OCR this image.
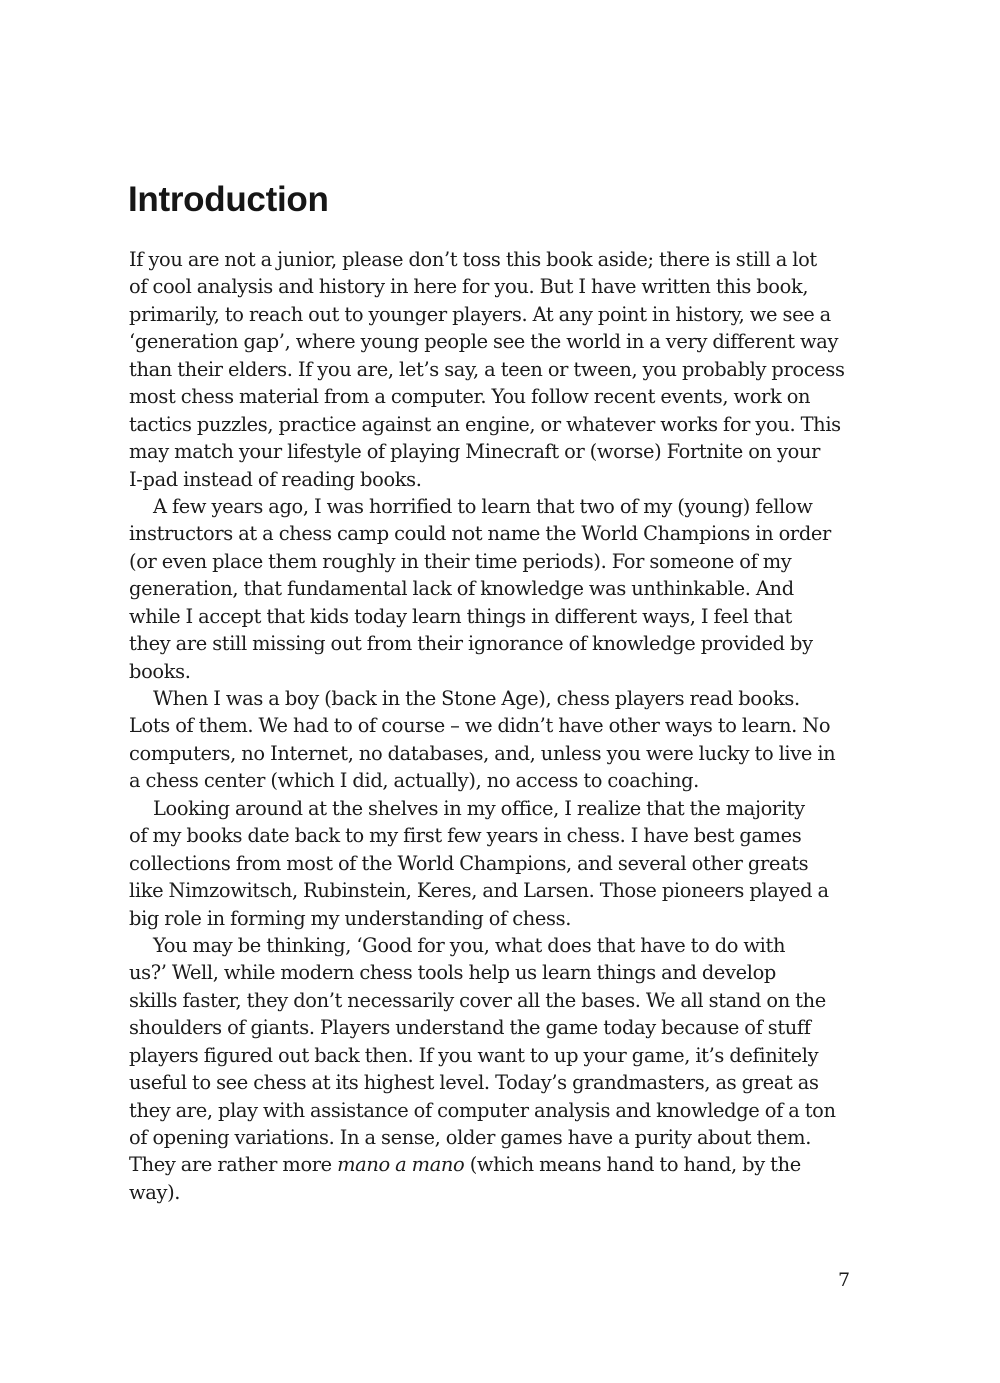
Introduction
If you are not a junior, please don’t toss this book aside; there is still a lot
of cool analysis and history in here for you. But I have written this book,
primarily, to reach out to younger players. At any point in history, we see a
‘generation gap’, where young people see the world in a very different way
than their elders. If you are, let’s say, a teen or tween, you probably process
most chess material from a computer. You follow recent events, work on
tactics puzzles, practice against an engine, or whatever works for you. This
may match your lifestyle of playing Minecraft or (worse) Fortnite on your
I-pad instead of reading books.
A few years ago, I was horrified to learn that two of my (young) fellow
instructors at a chess camp could not name the World Champions in order
(or even place them roughly in their time periods). For someone of my
generation, that fundamental lack of knowledge was unthinkable. And
while I accept that kids today learn things in different ways, I feel that
they are still missing out from their ignorance of knowledge provided by
books.
When I was a boy (back in the Stone Age), chess players read books.
Lots of them. We had to of course – we didn’t have other ways to learn. No
computers, no Internet, no databases, and, unless you were lucky to live in
a chess center (which I did, actually), no access to coaching.
Looking around at the shelves in my office, I realize that the majority
of my books date back to my first few years in chess. I have best games
collections from most of the World Champions, and several other greats
like Nimzowitsch, Rubinstein, Keres, and Larsen. Those pioneers played a
big role in forming my understanding of chess.
You may be thinking, ‘Good for you, what does that have to do with
us?’ Well, while modern chess tools help us learn things and develop
skills faster, they don’t necessarily cover all the bases. We all stand on the
shoulders of giants. Players understand the game today because of stuff
players figured out back then. If you want to up your game, it’s definitely
useful to see chess at its highest level. Today’s grandmasters, as great as
they are, play with assistance of computer analysis and knowledge of a ton
of opening variations. In a sense, older games have a purity about them.
They are rather more mano a mano (which means hand to hand, by the
way).
7
